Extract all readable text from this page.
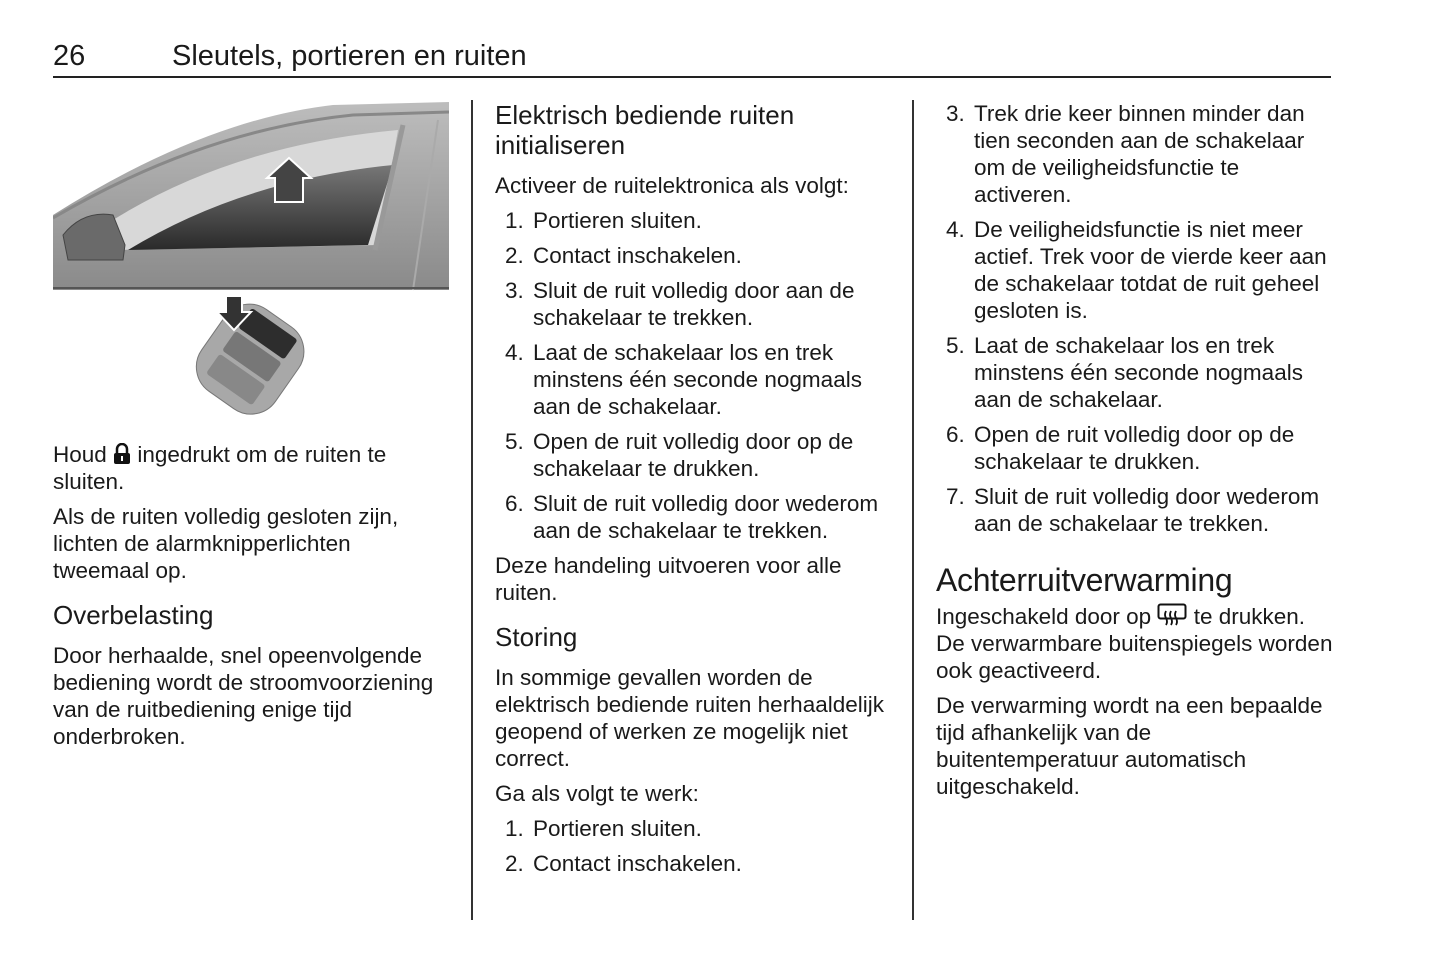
26	Sleutels, portieren en ruiten

Houd ingedrukt om de ruiten te sluiten.

Als de ruiten volledig gesloten zijn, lichten de alarmknipperlichten tweemaal op.

Overbelasting

Door herhaalde, snel opeenvolgende bediening wordt de stroomvoorziening van de ruitbediening enige tijd onderbroken.

Elektrisch bediende ruiten initialiseren

Activeer de ruitelektronica als volgt:

1. Portieren sluiten.
2. Contact inschakelen.
3. Sluit de ruit volledig door aan de schakelaar te trekken.
4. Laat de schakelaar los en trek minstens één seconde nogmaals aan de schakelaar.
5. Open de ruit volledig door op de schakelaar te drukken.
6. Sluit de ruit volledig door wederom aan de schakelaar te trekken.

Deze handeling uitvoeren voor alle ruiten.

Storing

In sommige gevallen worden de elektrisch bediende ruiten herhaaldelijk geopend of werken ze mogelijk niet correct.

Ga als volgt te werk:

1. Portieren sluiten.
2. Contact inschakelen.
3. Trek drie keer binnen minder dan tien seconden aan de schakelaar om de veiligheidsfunctie te activeren.
4. De veiligheidsfunctie is niet meer actief. Trek voor de vierde keer aan de schakelaar totdat de ruit geheel gesloten is.
5. Laat de schakelaar los en trek minstens één seconde nogmaals aan de schakelaar.
6. Open de ruit volledig door op de schakelaar te drukken.
7. Sluit de ruit volledig door wederom aan de schakelaar te trekken.
Achterruitverwarming

Ingeschakeld door op te drukken. De verwarmbare buitenspiegels worden ook geactiveerd.

De verwarming wordt na een bepaalde tijd afhankelijk van de buitentemperatuur automatisch uitgeschakeld.
